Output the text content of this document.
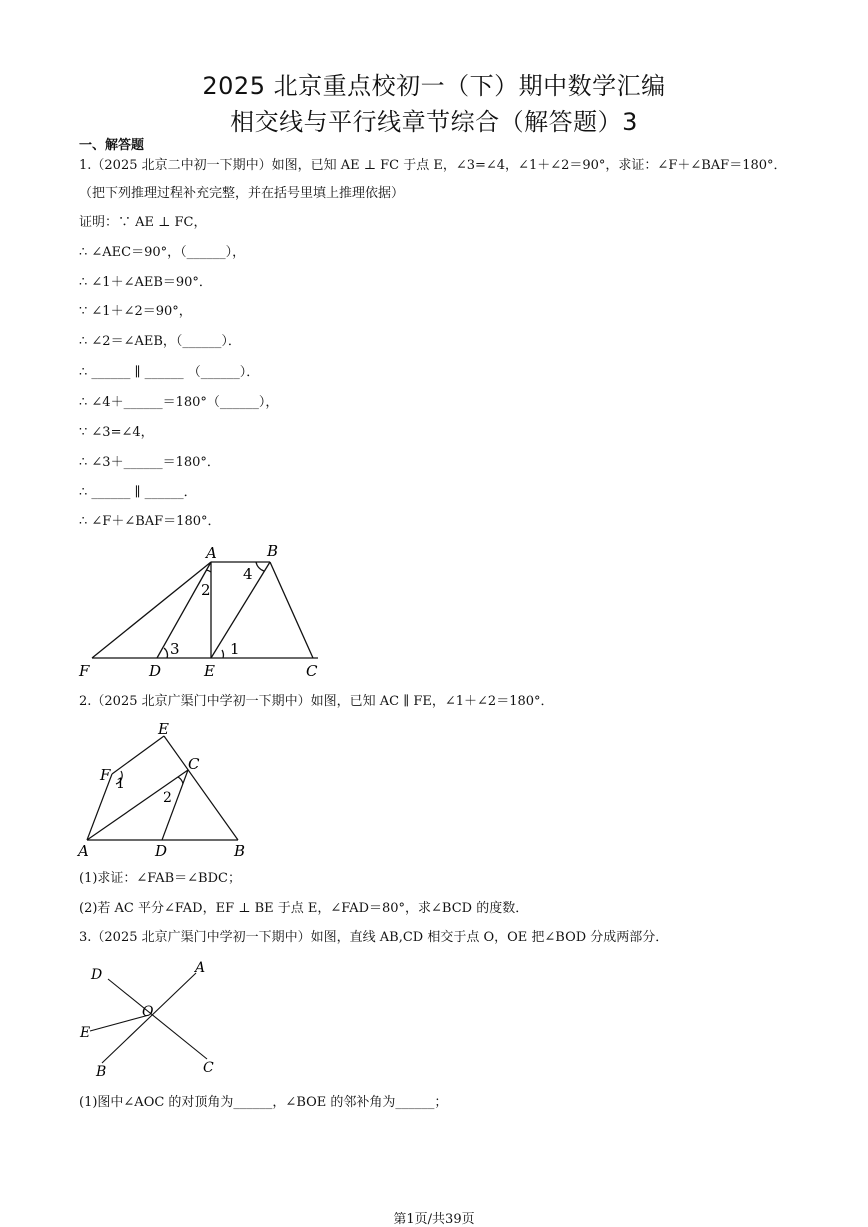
2025 北京重点校初一（下）期中数学汇编
相交线与平行线章节综合（解答题）3
一、解答题
1.（2025 北京二中初一下期中）如图，已知 AE ⊥ FC 于点 E，∠3=∠4，∠1＋∠2＝90°，求证：∠F＋∠BAF＝180°．
（把下列推理过程补充完整，并在括号里填上推理依据）
证明：∵ AE ⊥ FC，
∴ ∠AEC＝90°，（______），
∴ ∠1＋∠AEB＝90°．
∵ ∠1＋∠2＝90°，
∴ ∠2＝∠AEB，（______）．
∴ ______ ∥ ______ （______）．
∴ ∠4＋______＝180°（______），
∵ ∠3=∠4，
∴ ∠3＋______＝180°．
∴ ______ ∥ ______．
∴ ∠F＋∠BAF＝180°．
A	B
F	D	E	C
1
2
3
4
2.（2025 北京广渠门中学初一下期中）如图，已知 AC ∥ FE，∠1＋∠2＝180°．
E
F
C
A	D	B
1
2
(1)求证：∠FAB＝∠BDC；
(2)若 AC 平分∠FAD，EF ⊥ BE 于点 E，∠FAD＝80°，求∠BCD 的度数．
3.（2025 北京广渠门中学初一下期中）如图，直线 AB,CD 相交于点 O，OE 把∠BOD 分成两部分．
D	A
O
E
B	C
(1)图中∠AOC 的对顶角为______，∠BOE 的邻补角为______；
第1页/共39页
